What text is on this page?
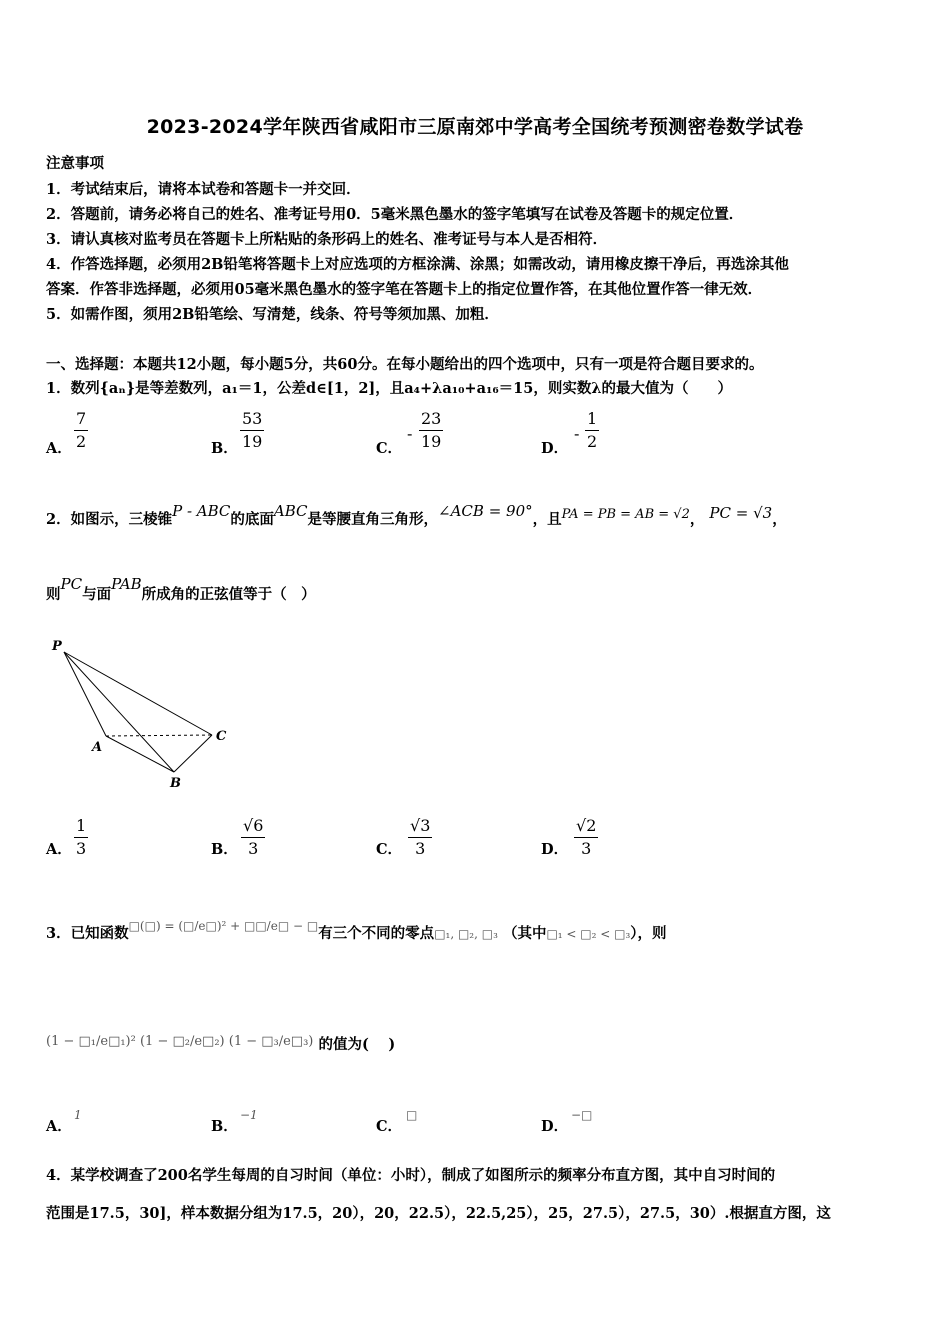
2023-2024学年陕西省咸阳市三原南郊中学高考全国统考预测密卷数学试卷
注意事项
1．考试结束后，请将本试卷和答题卡一并交回．
2．答题前，请务必将自己的姓名、准考证号用0．5毫米黑色墨水的签字笔填写在试卷及答题卡的规定位置．
3．请认真核对监考员在答题卡上所粘贴的条形码上的姓名、准考证号与本人是否相符．
4．作答选择题，必须用2B铅笔将答题卡上对应选项的方框涂满、涂黑；如需改动，请用橡皮擦干净后，再选涂其他
答案．作答非选择题，必须用05毫米黑色墨水的签字笔在答题卡上的指定位置作答，在其他位置作答一律无效．
5．如需作图，须用2B铅笔绘、写清楚，线条、符号等须加黑、加粗．
一、选择题：本题共12小题，每小题5分，共60分。在每小题给出的四个选项中，只有一项是符合题目要求的。
1．数列{aₙ}是等差数列，a₁＝1，公差d∈[1，2]，且a₄+λa₁₀+a₁₆＝15，则实数λ的最大值为（　　）
A． $\frac{7}{2}$	B． $\frac{53}{19}$	C．
- $\frac{23}{19}$	D．
- $\frac{1}{2}$
2．如图示，三棱锥P - ABC的底面ABC是等腰直角三角形，∠ACB = 90°，且PA = PB = AB = √2， PC = √3，
则PC与面PAB所成角的正弦值等于（　）
P
A
B
C
A． $\frac{1}{3}$	B． $\frac{√6}{3}$	C． $\frac{√3}{3}$	D． $\frac{√2}{3}$
3．已知函数$^{□(□) = (□/e□)^2 + □□/e□ - □}$有三个不同的零点□₁, □₂, □₃ （其中□₁ < □₂ < □₃），则
(1 − □₁/e□₁)² (1 − □₂/e□₂) (1 − □₃/e□₃) 的值为(　 )
A．
1
B．
−1
C．
□
D．
−□
4．某学校调查了200名学生每周的自习时间（单位：小时），制成了如图所示的频率分布直方图，其中自习时间的
范围是17.5，30]，样本数据分组为17.5，20），20，22.5），22.5,25），25，27.5），27.5，30）.根据直方图，这
